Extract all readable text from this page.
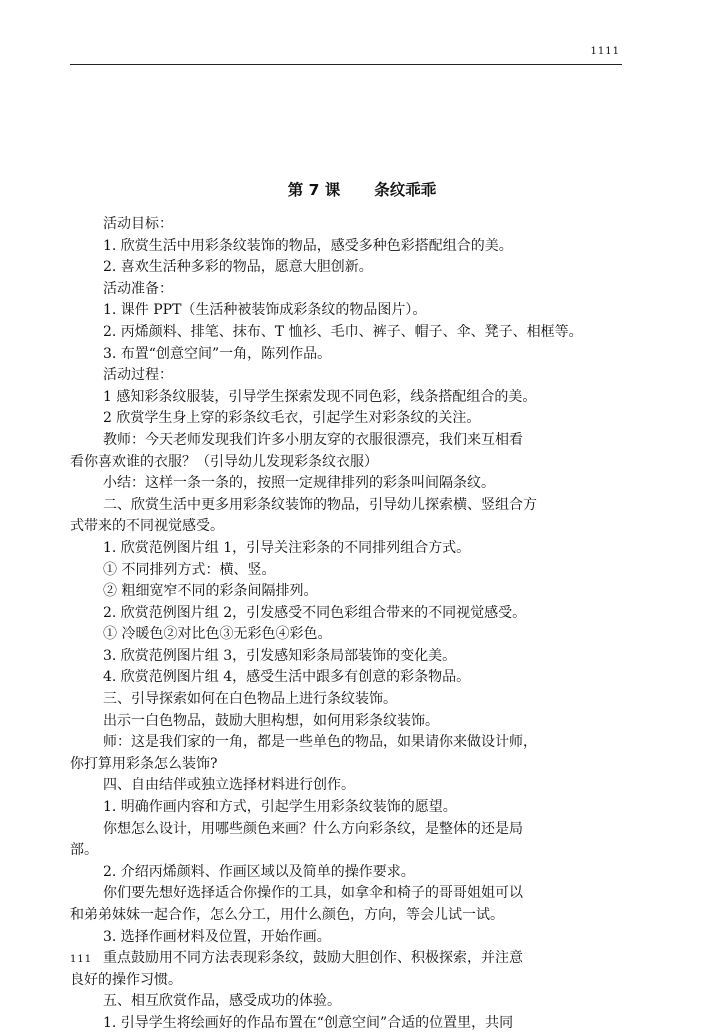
1111
第 7 课 条纹乖乖
活动目标：
1. 欣赏生活中用彩条纹装饰的物品，感受多种色彩搭配组合的美。
2. 喜欢生活种多彩的物品，愿意大胆创新。
活动准备：
1. 课件 PPT（生活种被装饰成彩条纹的物品图片）。
2. 丙烯颜料、排笔、抹布、T 恤衫、毛巾、裤子、帽子、伞、凳子、相框等。
3. 布置“创意空间”一角，陈列作品。
活动过程：
1 感知彩条纹服装，引导学生探索发现不同色彩，线条搭配组合的美。
2 欣赏学生身上穿的彩条纹毛衣，引起学生对彩条纹的关注。
教师：今天老师发现我们许多小朋友穿的衣服很漂亮，我们来互相看
看你喜欢谁的衣服？（引导幼儿发现彩条纹衣服）
小结：这样一条一条的，按照一定规律排列的彩条叫间隔条纹。
二、欣赏生活中更多用彩条纹装饰的物品，引导幼儿探索横、竖组合方
式带来的不同视觉感受。
1. 欣赏范例图片组 1，引导关注彩条的不同排列组合方式。
① 不同排列方式：横、竖。
② 粗细宽窄不同的彩条间隔排列。
2. 欣赏范例图片组 2，引发感受不同色彩组合带来的不同视觉感受。
① 冷暖色②对比色③无彩色④彩色。
3. 欣赏范例图片组 3，引发感知彩条局部装饰的变化美。
4. 欣赏范例图片组 4，感受生活中跟多有创意的彩条物品。
三、引导探索如何在白色物品上进行条纹装饰。
出示一白色物品，鼓励大胆构想，如何用彩条纹装饰。
师：这是我们家的一角，都是一些单色的物品，如果请你来做设计师，
你打算用彩条怎么装饰?
四、自由结伴或独立选择材料进行创作。
1. 明确作画内容和方式，引起学生用彩条纹装饰的愿望。
你想怎么设计，用哪些颜色来画？什么方向彩条纹，是整体的还是局
部。
2. 介绍丙烯颜料、作画区域以及简单的操作要求。
你们要先想好选择适合你操作的工具，如拿伞和椅子的哥哥姐姐可以
和弟弟妹妹一起合作，怎么分工，用什么颜色，方向，等会儿试一试。
3. 选择作画材料及位置，开始作画。
重点鼓励用不同方法表现彩条纹，鼓励大胆创作、积极探索，并注意
良好的操作习惯。
五、相互欣赏作品，感受成功的体验。
1. 引导学生将绘画好的作品布置在“创意空间”合适的位置里，共同
111
